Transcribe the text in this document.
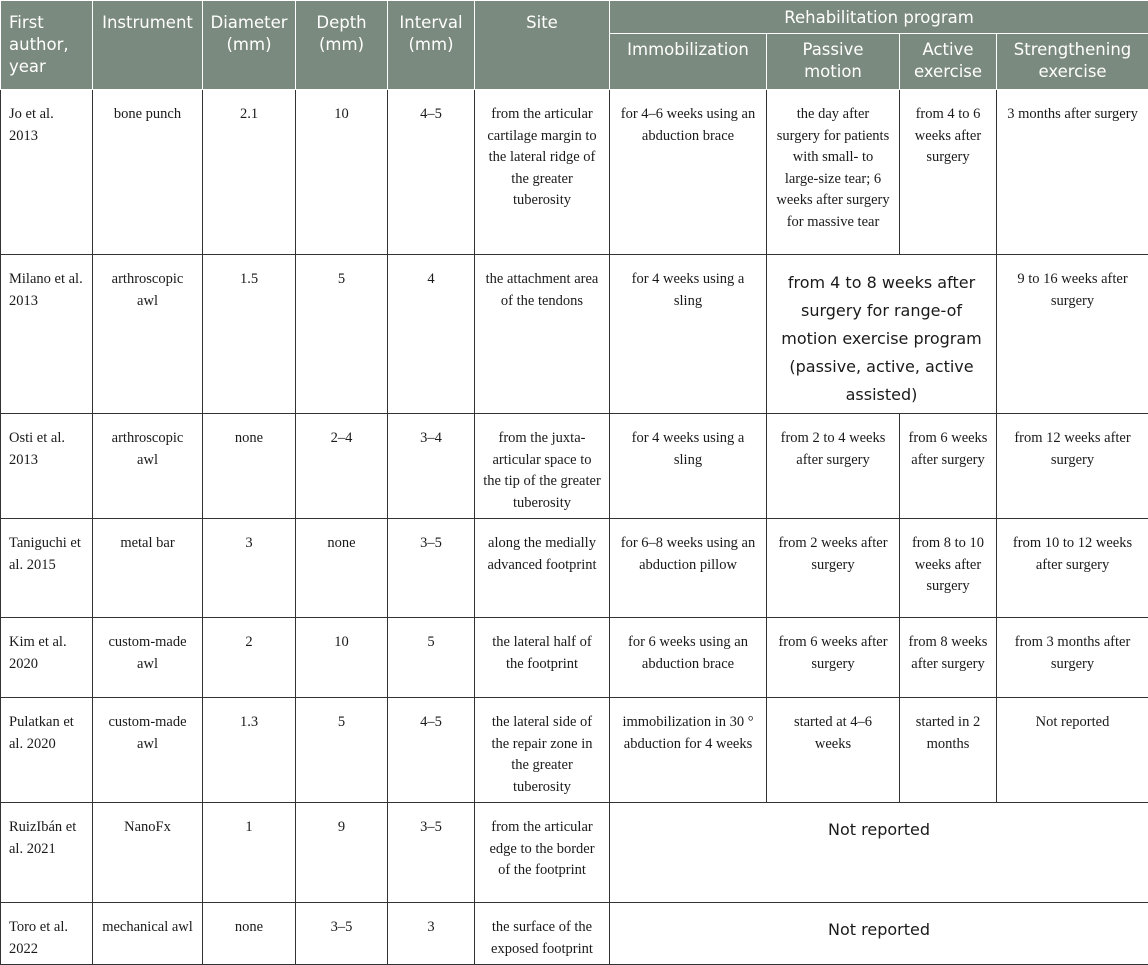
First author, year	Instrument	Diameter (mm)	Depth (mm)	Interval (mm)	Site	Rehabilitation program			
						Immobilization	Passive motion	Active exercise	Strengthening exercise
Jo et al. 2013	bone punch	2.1	10	4–5	from the articular cartilage margin to the lateral ridge of the greater tuberosity	for 4–6 weeks using an abduction brace	the day after surgery for patients with small- to large-size tear; 6 weeks after surgery for massive tear	from 4 to 6 weeks after surgery	3 months after surgery
Milano et al. 2013	arthroscopic awl	1.5	5	4	the attachment area of the tendons	for 4 weeks using a sling	from 4 to 8 weeks after surgery for range-of motion exercise program (passive, active, active assisted)		9 to 16 weeks after surgery
Osti et al. 2013	arthroscopic awl	none	2–4	3–4	from the juxta-articular space to the tip of the greater tuberosity	for 4 weeks using a sling	from 2 to 4 weeks after surgery	from 6 weeks after surgery	from 12 weeks after surgery
Taniguchi et al. 2015	metal bar	3	none	3–5	along the medially advanced footprint	for 6–8 weeks using an abduction pillow	from 2 weeks after surgery	from 8 to 10 weeks after surgery	from 10 to 12 weeks after surgery
Kim et al. 2020	custom-made awl	2	10	5	the lateral half of the footprint	for 6 weeks using an abduction brace	from 6 weeks after surgery	from 8 weeks after surgery	from 3 months after surgery
Pulatkan et al. 2020	custom-made awl	1.3	5	4–5	the lateral side of the repair zone in the greater tuberosity	immobilization in 30 ° abduction for 4 weeks	started at 4–6 weeks	started in 2 months	Not reported
RuizIbán et al. 2021	NanoFx	1	9	3–5	from the articular edge to the border of the footprint	Not reported			
Toro et al. 2022	mechanical awl	none	3–5	3	the surface of the exposed footprint	Not reported			
